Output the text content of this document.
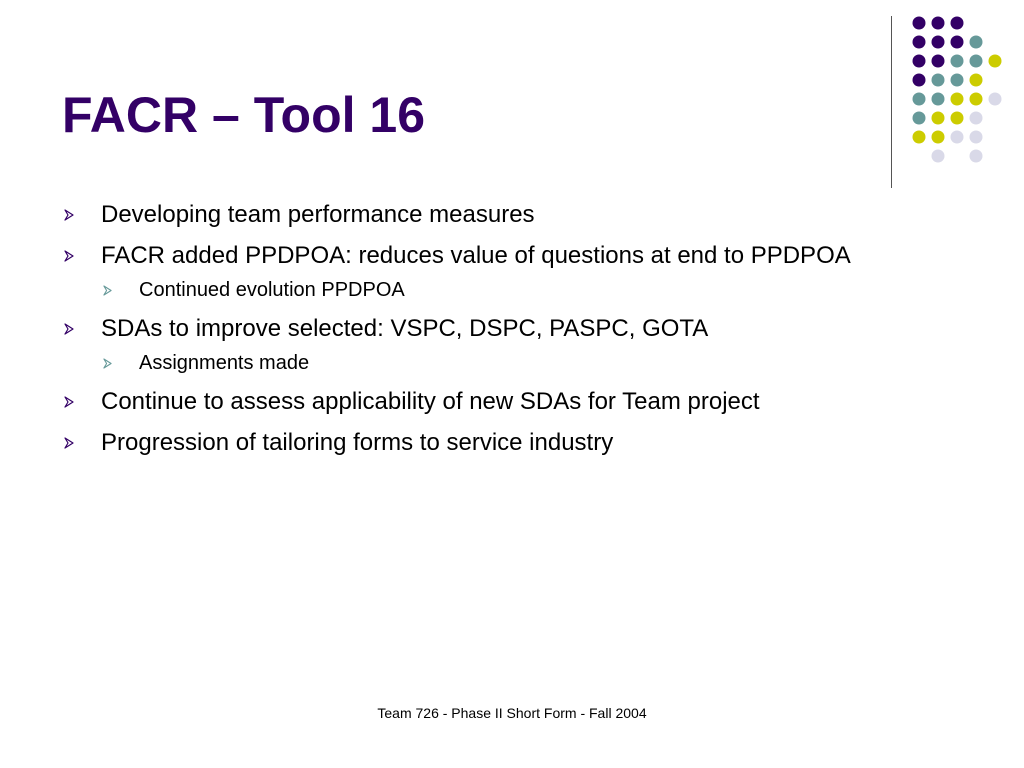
FACR – Tool 16
Developing team performance measures
FACR added PPDPOA: reduces value of questions at end to PPDPOA
Continued evolution PPDPOA
SDAs to improve selected: VSPC, DSPC, PASPC, GOTA
Assignments made
Continue to assess applicability of new SDAs for Team project
Progression of tailoring forms to service industry
Team 726 - Phase II Short Form - Fall 2004
